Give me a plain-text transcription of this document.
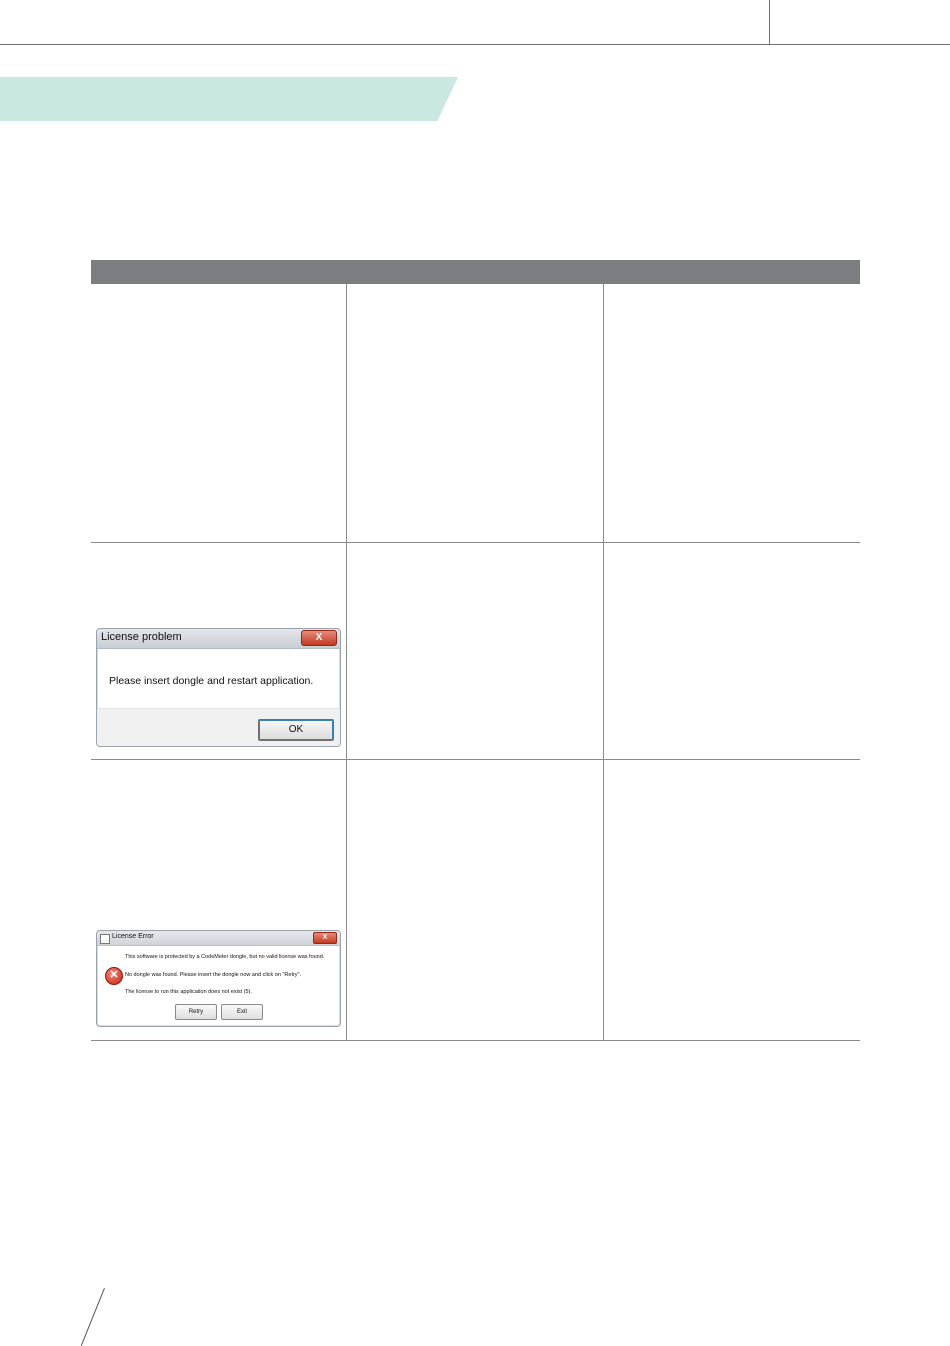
License problem	X
Please insert dongle and restart application.
OK
License Error	X
✕
This software is protected by a CodeMeter dongle, but no valid license was found.
No dongle was found. Please insert the dongle now and click on "Retry".
The license to run this application does not exist (5).
Retry	Exit
